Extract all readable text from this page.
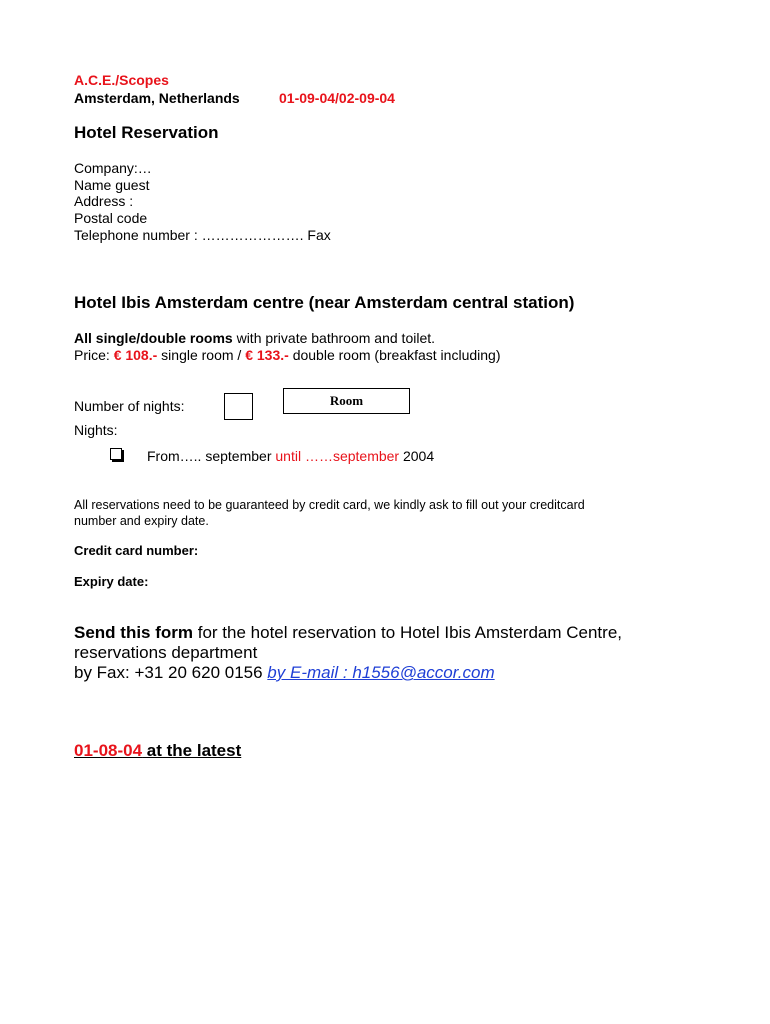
A.C.E./Scopes
Amsterdam, Netherlands	01-09-04/02-09-04
Hotel Reservation
Company:…
Name guest
Address :
Postal code
Telephone number : …………………. Fax
Hotel Ibis Amsterdam centre (near Amsterdam central station)
All single/double rooms with private bathroom and toilet.
Price: € 108.- single room / € 133.- double room (breakfast including)
Number of nights:	Room
Nights:
From….. september until ……september 2004
All reservations need to be guaranteed by credit card, we kindly ask to fill out your creditcard
number and expiry date.
Credit card number:
Expiry date:
Send this form for the hotel reservation to Hotel Ibis Amsterdam Centre,
reservations department
by Fax: +31 20 620 0156 by E-mail : h1556@accor.com
01-08-04 at the latest
